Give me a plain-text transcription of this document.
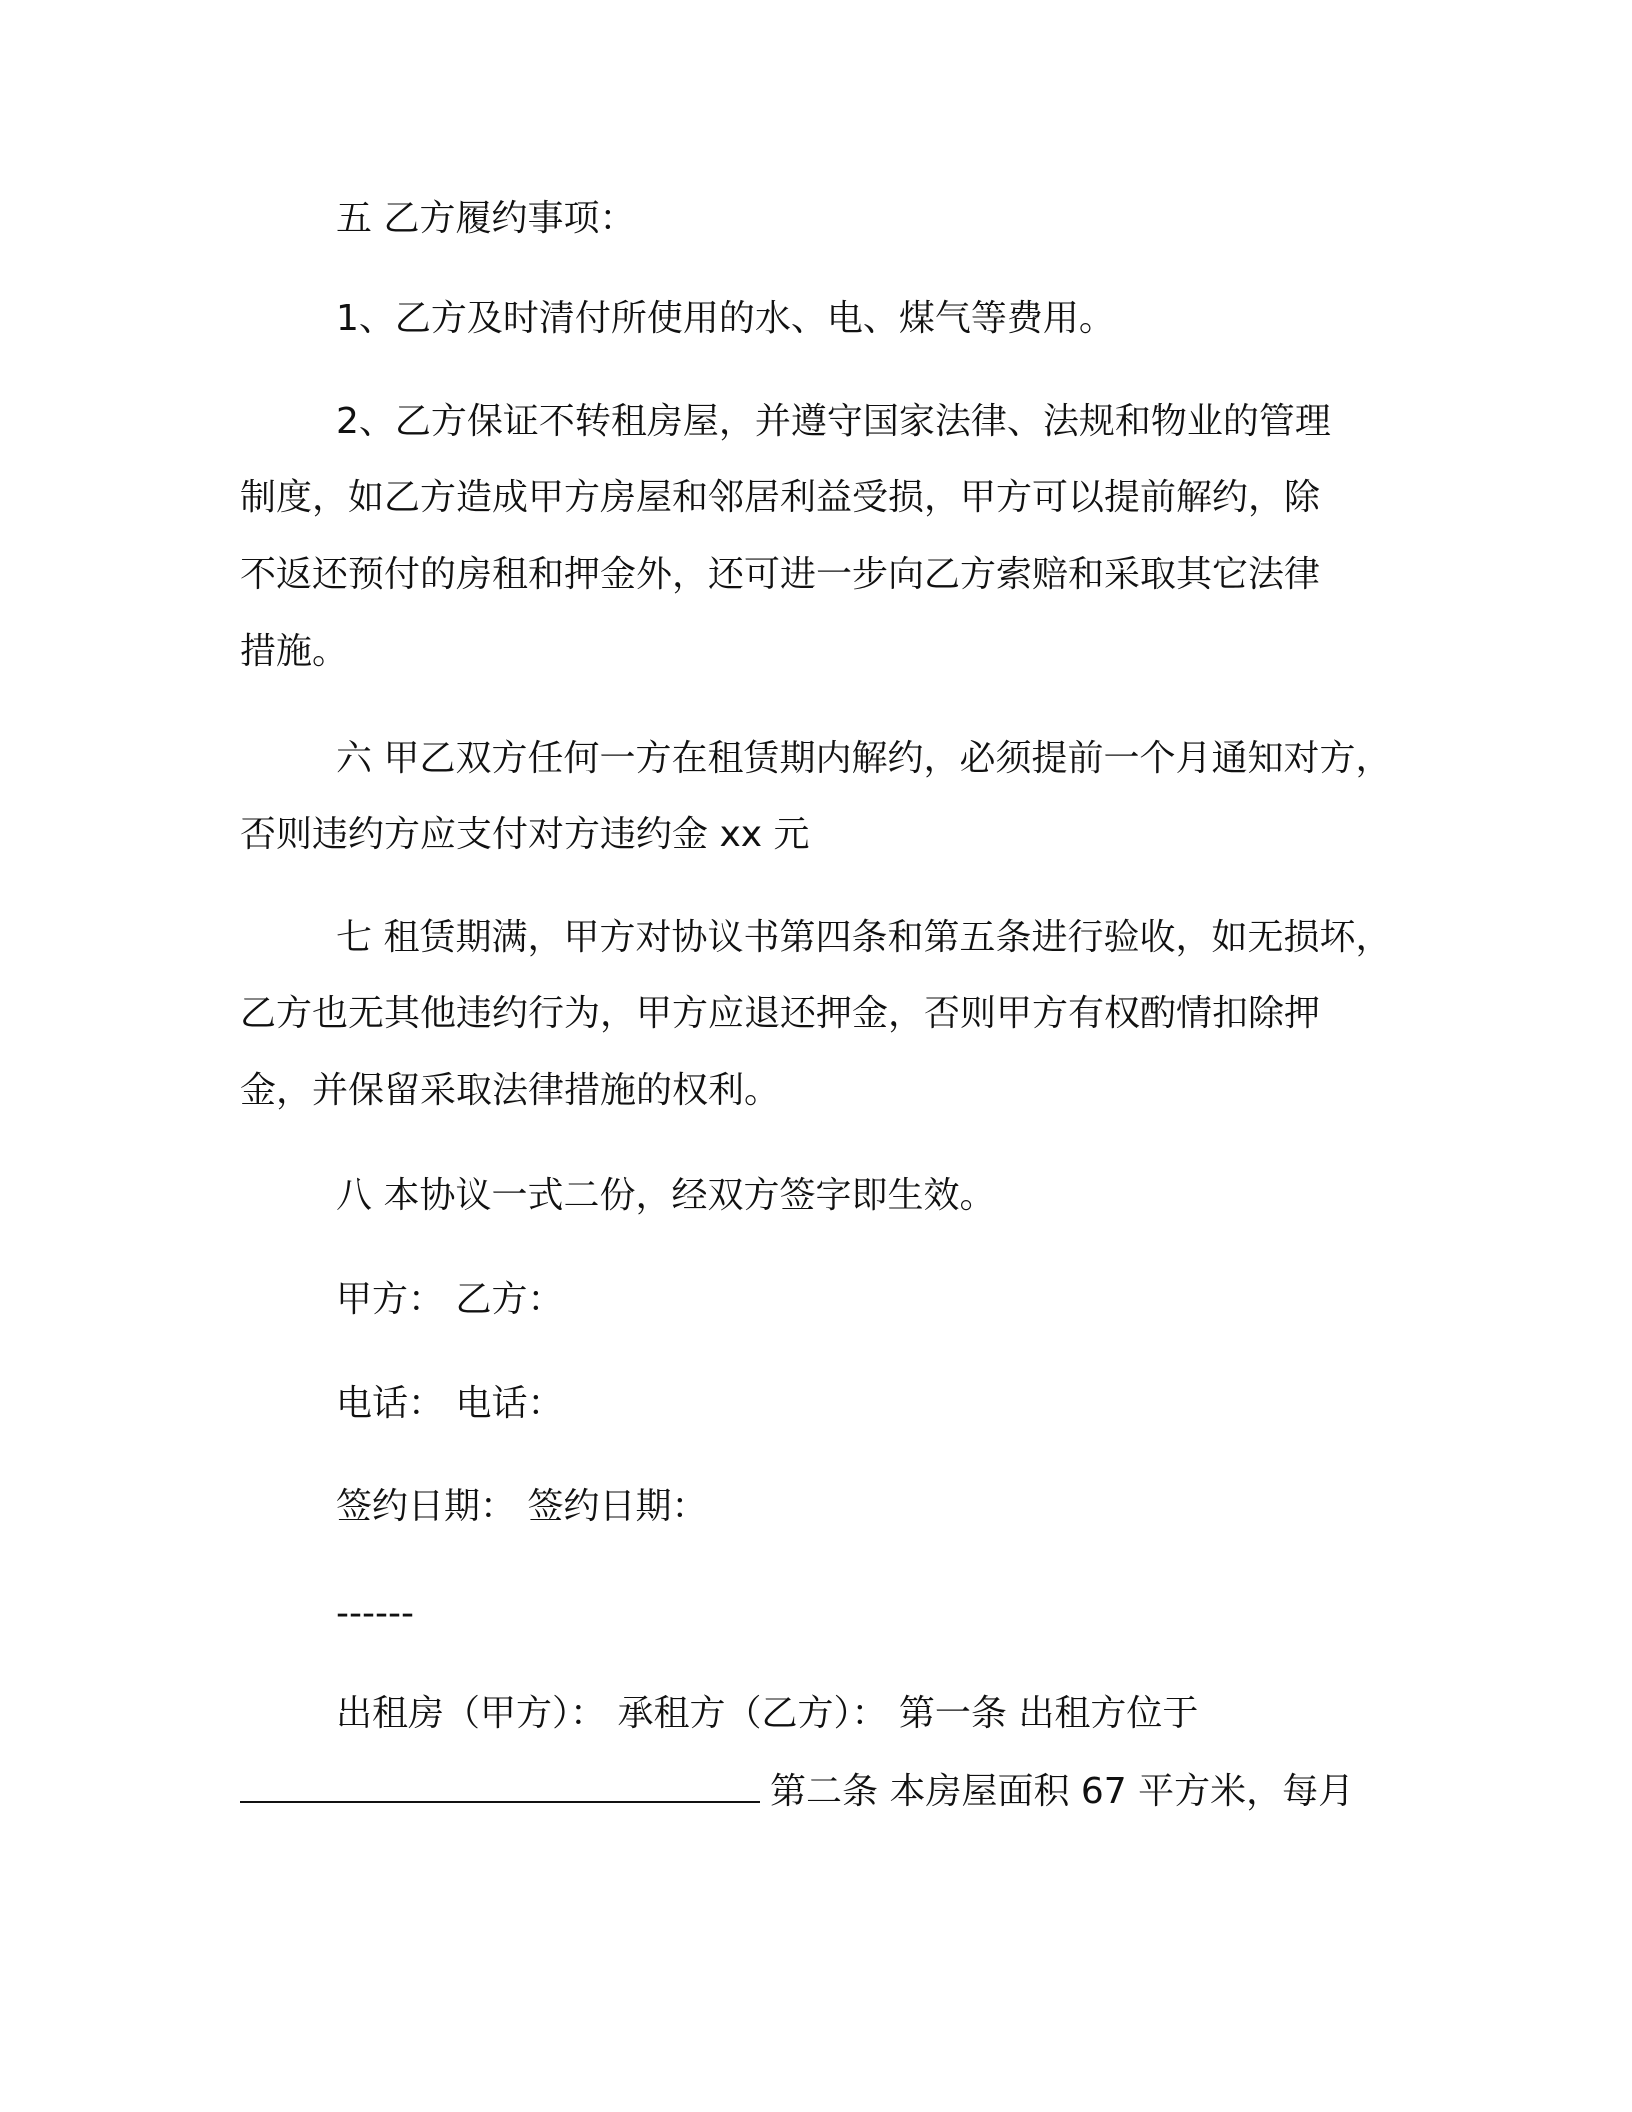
五 乙方履约事项：
1、乙方及时清付所使用的水、电、煤气等费用。
2、乙方保证不转租房屋，并遵守国家法律、法规和物业的管理
制度，如乙方造成甲方房屋和邻居利益受损，甲方可以提前解约，除
不返还预付的房租和押金外，还可进一步向乙方索赔和采取其它法律
措施。
六 甲乙双方任何一方在租赁期内解约，必须提前一个月通知对方，
否则违约方应支付对方违约金 xx 元
七 租赁期满，甲方对协议书第四条和第五条进行验收，如无损坏，
乙方也无其他违约行为，甲方应退还押金，否则甲方有权酌情扣除押
金，并保留采取法律措施的权利。
八 本协议一式二份，经双方签字即生效。
甲方： 乙方：
电话： 电话：
签约日期： 签约日期：
------
出租房（甲方）： 承租方（乙方）： 第一条 出租方位于
第二条 本房屋面积 67 平方米，每月
